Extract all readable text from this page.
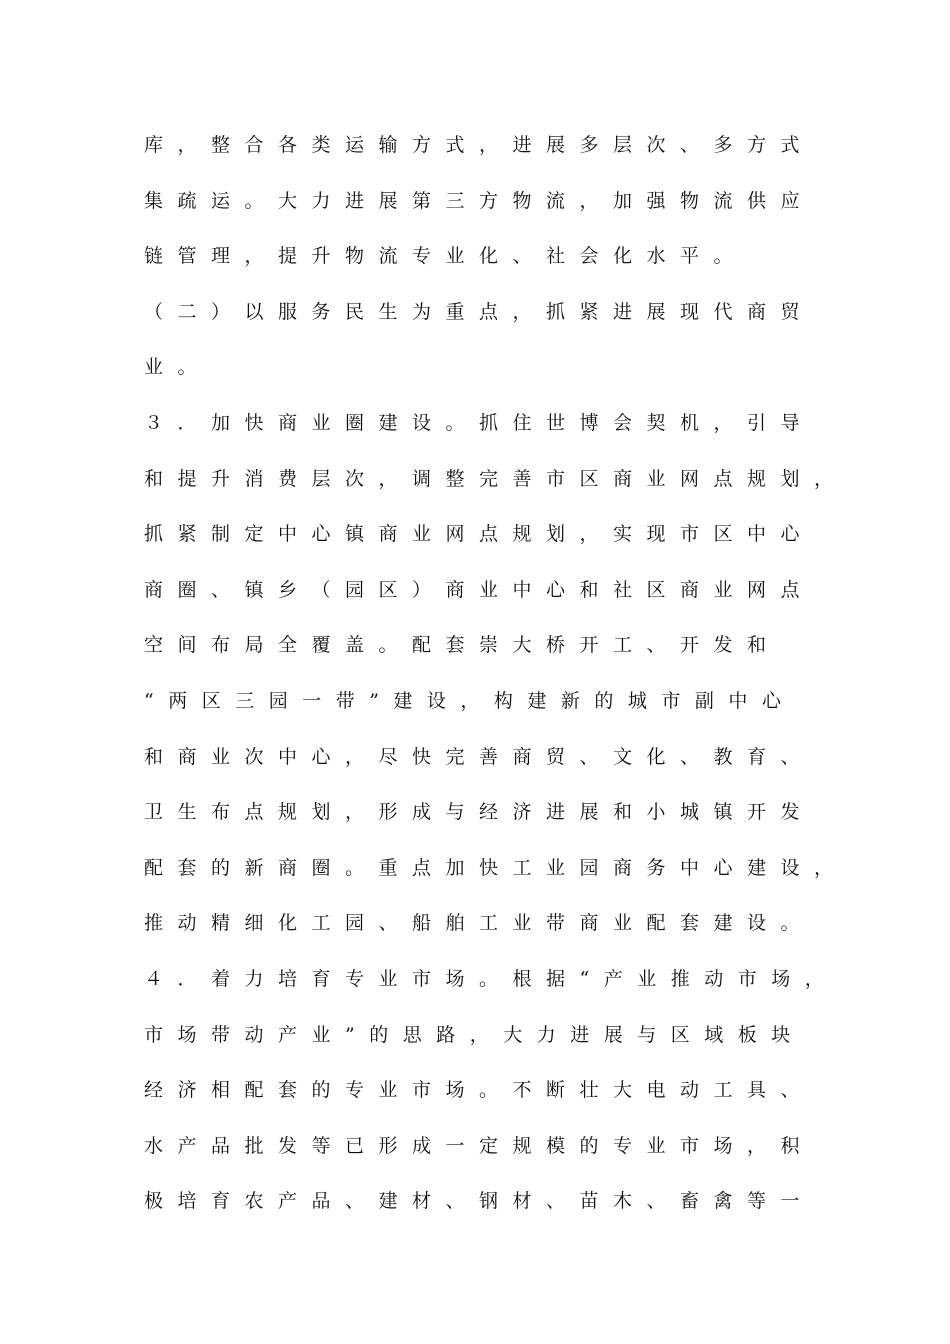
库，整合各类运输方式，进展多层次、多方式
集疏运。大力进展第三方物流，加强物流供应
链管理，提升物流专业化、社会化水平。
（二）以服务民生为重点，抓紧进展现代商贸
业。
３．加快商业圈建设。抓住世博会契机，引导
和提升消费层次，调整完善市区商业网点规划，
抓紧制定中心镇商业网点规划，实现市区中心
商圈、镇乡（园区）商业中心和社区商业网点
空间布局全覆盖。配套崇大桥开工、开发和
“两区三园一带”建设，构建新的城市副中心
和商业次中心，尽快完善商贸、文化、教育、
卫生布点规划，形成与经济进展和小城镇开发
配套的新商圈。重点加快工业园商务中心建设，
推动精细化工园、船舶工业带商业配套建设。
４．着力培育专业市场。根据“产业推动市场，
市场带动产业”的思路，大力进展与区域板块
经济相配套的专业市场。不断壮大电动工具、
水产品批发等已形成一定规模的专业市场，积
极培育农产品、建材、钢材、苗木、畜禽等一
